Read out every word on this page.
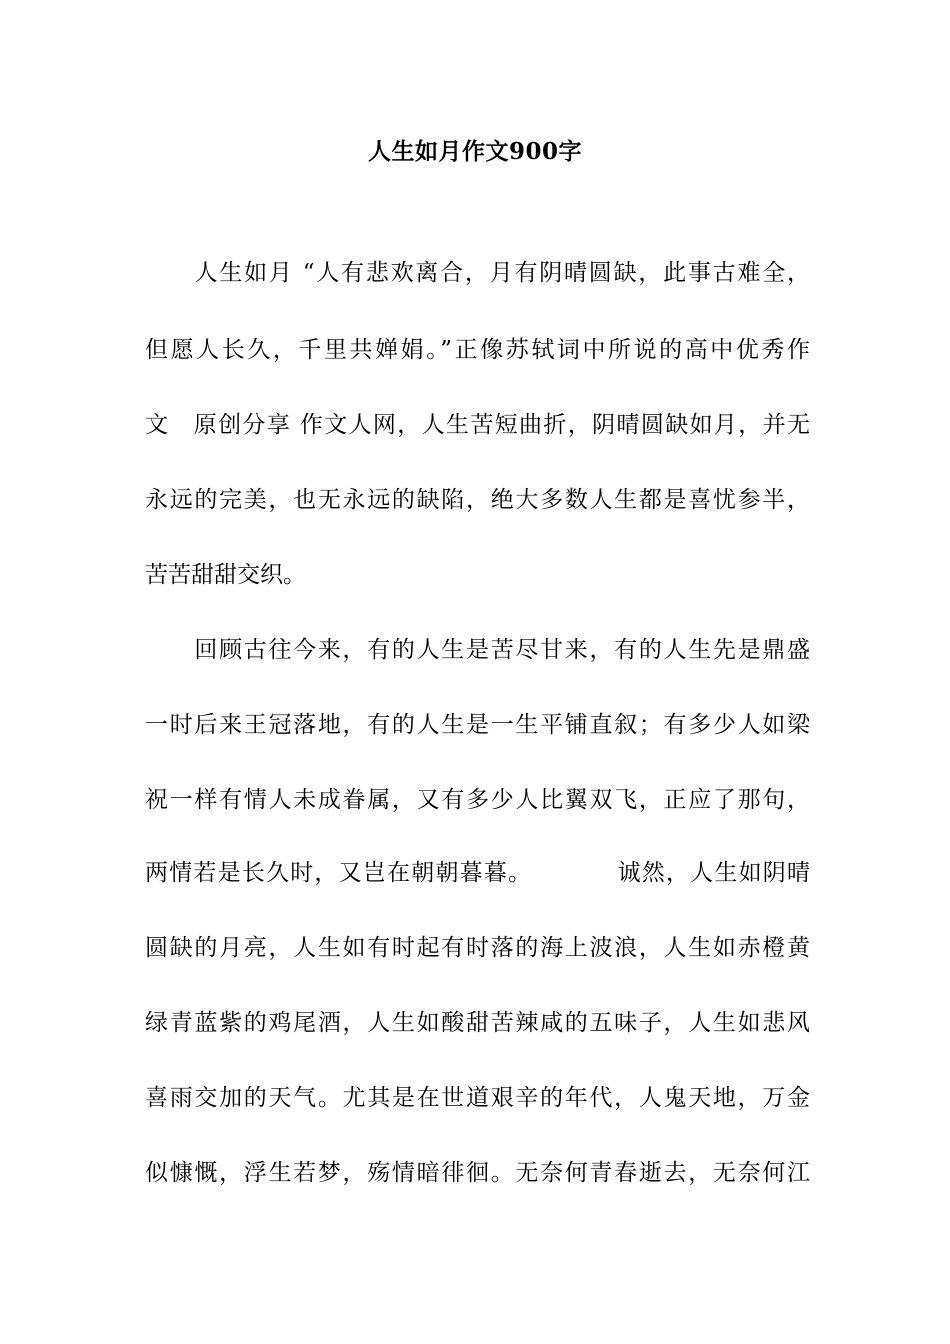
人生如月作文900字

　　人生如月 “人有悲欢离合，月有阴晴圆缺，此事古难全，

但愿人长久，千里共婵娟。”正像苏轼词中所说的高中优秀作

文　原创分享 作文人网，人生苦短曲折，阴晴圆缺如月，并无

永远的完美，也无永远的缺陷，绝大多数人生都是喜忧参半，

苦苦甜甜交织。

　　回顾古往今来，有的人生是苦尽甘来，有的人生先是鼎盛

一时后来王冠落地，有的人生是一生平铺直叙；有多少人如梁

祝一样有情人未成眷属，又有多少人比翼双飞，正应了那句，

两情若是长久时，又岂在朝朝暮暮。　　　　诚然，人生如阴晴

圆缺的月亮，人生如有时起有时落的海上波浪，人生如赤橙黄

绿青蓝紫的鸡尾酒，人生如酸甜苦辣咸的五味子，人生如悲风

喜雨交加的天气。尤其是在世道艰辛的年代，人鬼天地，万金

似慷慨，浮生若梦，殇情暗徘徊。无奈何青春逝去，无奈何江
